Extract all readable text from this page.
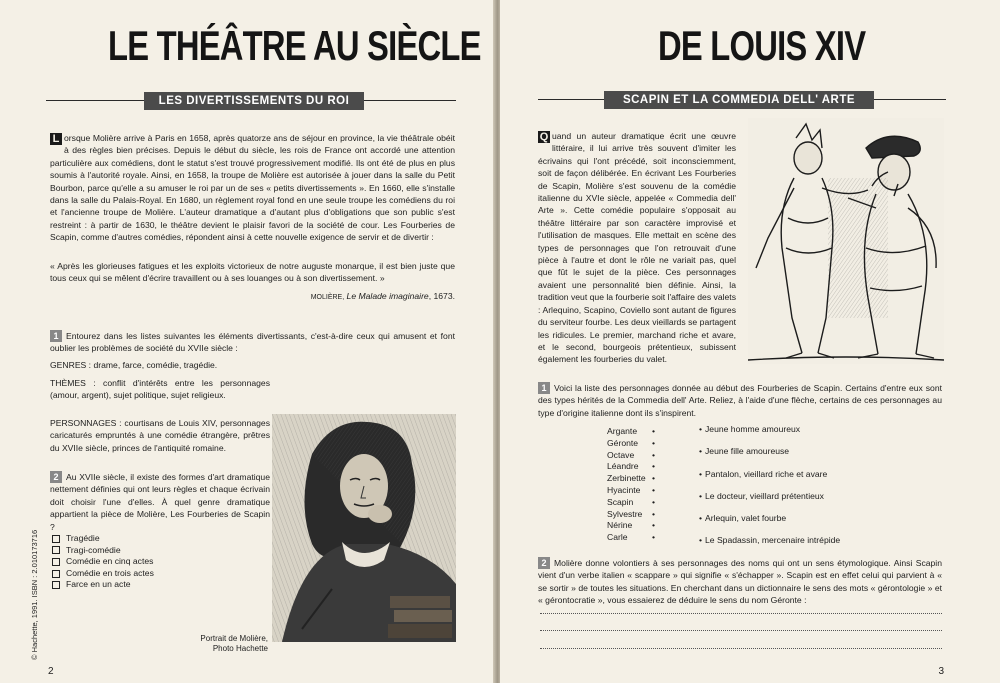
LE THÉÂTRE AU SIÈCLE
LES DIVERTISSEMENTS DU ROI
L orsque Molière arrive à Paris en 1658, après quatorze ans de séjour en province, la vie théâtrale obéit à des règles bien précises. Depuis le début du siècle, les rois de France ont accordé une attention particulière aux comédiens, dont le statut s'est trouvé progressivement modifié. Ils ont été de plus en plus soumis à l'autorité royale. Ainsi, en 1658, la troupe de Molière est autorisée à jouer dans la salle du Petit Bourbon, parce qu'elle a su amuser le roi par un de ses « petits divertissements ». En 1660, elle s'installe dans la salle du Palais-Royal. En 1680, un règlement royal fond en une seule troupe les comédiens du roi et l'ancienne troupe de Molière. L'auteur dramatique a d'autant plus d'obligations que son public s'est restreint : à partir de 1630, le théâtre devient le plaisir favori de la société de cour. Les Fourberies de Scapin, comme d'autres comédies, répondent ainsi à cette nouvelle exigence de servir et de divertir :
« Après les glorieuses fatigues et les exploits victorieux de notre auguste monarque, il est bien juste que tous ceux qui se mêlent d'écrire travaillent ou à ses louanges ou à son divertissement. »
MOLIÈRE, Le Malade imaginaire, 1673.
1 Entourez dans les listes suivantes les éléments divertissants, c'est-à-dire ceux qui amusent et font oublier les problèmes de société du XVIIe siècle :
GENRES : drame, farce, comédie, tragédie.
THÈMES : conflit d'intérêts entre les personnages (amour, argent), sujet politique, sujet religieux.
PERSONNAGES : courtisans de Louis XIV, personnages caricaturés empruntés à une comédie étrangère, prêtres du XVIIe siècle, princes de l'antiquité romaine.
2 Au XVIIe siècle, il existe des formes d'art dramatique nettement définies qui ont leurs règles et chaque écrivain doit choisir l'une d'elles. À quel genre dramatique appartient la pièce de Molière, Les Fourberies de Scapin ?
Tragédie
Tragi-comédie
Comédie en cinq actes
Comédie en trois actes
Farce en un acte
Portrait de Molière,
Photo Hachette
© Hachette, 1991. ISBN : 2.010173716
2
DE LOUIS XIV
SCAPIN ET LA COMMEDIA DELL' ARTE
Q uand un auteur dramatique écrit une œuvre littéraire, il lui arrive très souvent d'imiter les écrivains qui l'ont précédé, soit inconsciemment, soit de façon délibérée. En écrivant Les Fourberies de Scapin, Molière s'est souvenu de la comédie italienne du XVIe siècle, appelée « Commedia dell' Arte ». Cette comédie populaire s'opposait au théâtre littéraire par son caractère improvisé et l'utilisation de masques. Elle mettait en scène des types de personnages que l'on retrouvait d'une pièce à l'autre et dont le rôle ne variait pas, quel que fût le sujet de la pièce. Ces personnages avaient une personnalité bien définie. Ainsi, la tradition veut que la fourberie soit l'affaire des valets : Arlequino, Scapino, Coviello sont autant de figures du serviteur fourbe. Les deux vieillards se partagent les ridicules. Le premier, marchand riche et avare, et le second, bourgeois prétentieux, subissent également les fourberies du valet.
1 Voici la liste des personnages donnée au début des Fourberies de Scapin. Certains d'entre eux sont des types hérités de la Commedia dell' Arte. Reliez, à l'aide d'une flèche, certains de ces personnages au type d'origine italienne dont ils s'inspirent.
Argante
Géronte
Octave
Léandre
Zerbinette
Hyacinte
Scapin
Sylvestre
Nérine
Carle
•
•
•
•
•
•
•
•
•
•
• Jeune homme amoureux
• Jeune fille amoureuse
• Pantalon, vieillard riche et avare
• Le docteur, vieillard prétentieux
• Arlequin, valet fourbe
• Le Spadassin, mercenaire intrépide
2 Molière donne volontiers à ses personnages des noms qui ont un sens étymologique. Ainsi Scapin vient d'un verbe italien « scappare » qui signifie « s'échapper ». Scapin est en effet celui qui parvient à « se sortir » de toutes les situations. En cherchant dans un dictionnaire le sens des mots « gérontologie » et « gérontocratie », vous essaierez de déduire le sens du nom Géronte :
3
